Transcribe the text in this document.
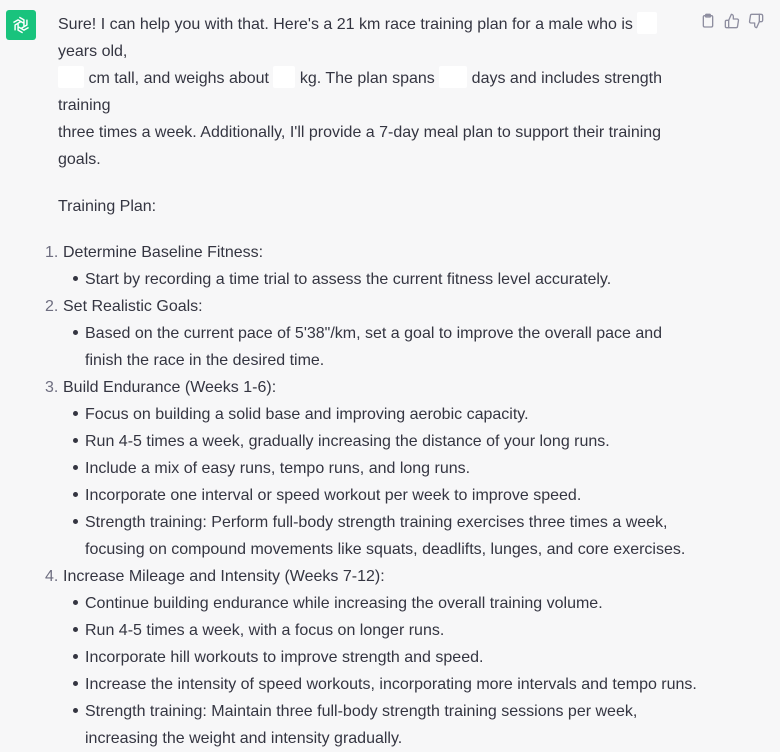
Sure! I can help you with that. Here's a 21 km race training plan for a male who is  years old,
cm tall, and weighs about  kg. The plan spans  days and includes strength training
three times a week. Additionally, I'll provide a 7-day meal plan to support their training goals.

Training Plan:

1. Determine Baseline Fitness:
Start by recording a time trial to assess the current fitness level accurately.
2. Set Realistic Goals:
Based on the current pace of 5'38"/km, set a goal to improve the overall pace and finish the race in the desired time.
3. Build Endurance (Weeks 1-6):
Focus on building a solid base and improving aerobic capacity.
Run 4-5 times a week, gradually increasing the distance of your long runs.
Include a mix of easy runs, tempo runs, and long runs.
Incorporate one interval or speed workout per week to improve speed.
Strength training: Perform full-body strength training exercises three times a week, focusing on compound movements like squats, deadlifts, lunges, and core exercises.
4. Increase Mileage and Intensity (Weeks 7-12):
Continue building endurance while increasing the overall training volume.
Run 4-5 times a week, with a focus on longer runs.
Incorporate hill workouts to improve strength and speed.
Increase the intensity of speed workouts, incorporating more intervals and tempo runs.
Strength training: Maintain three full-body strength training sessions per week, increasing the weight and intensity gradually.
